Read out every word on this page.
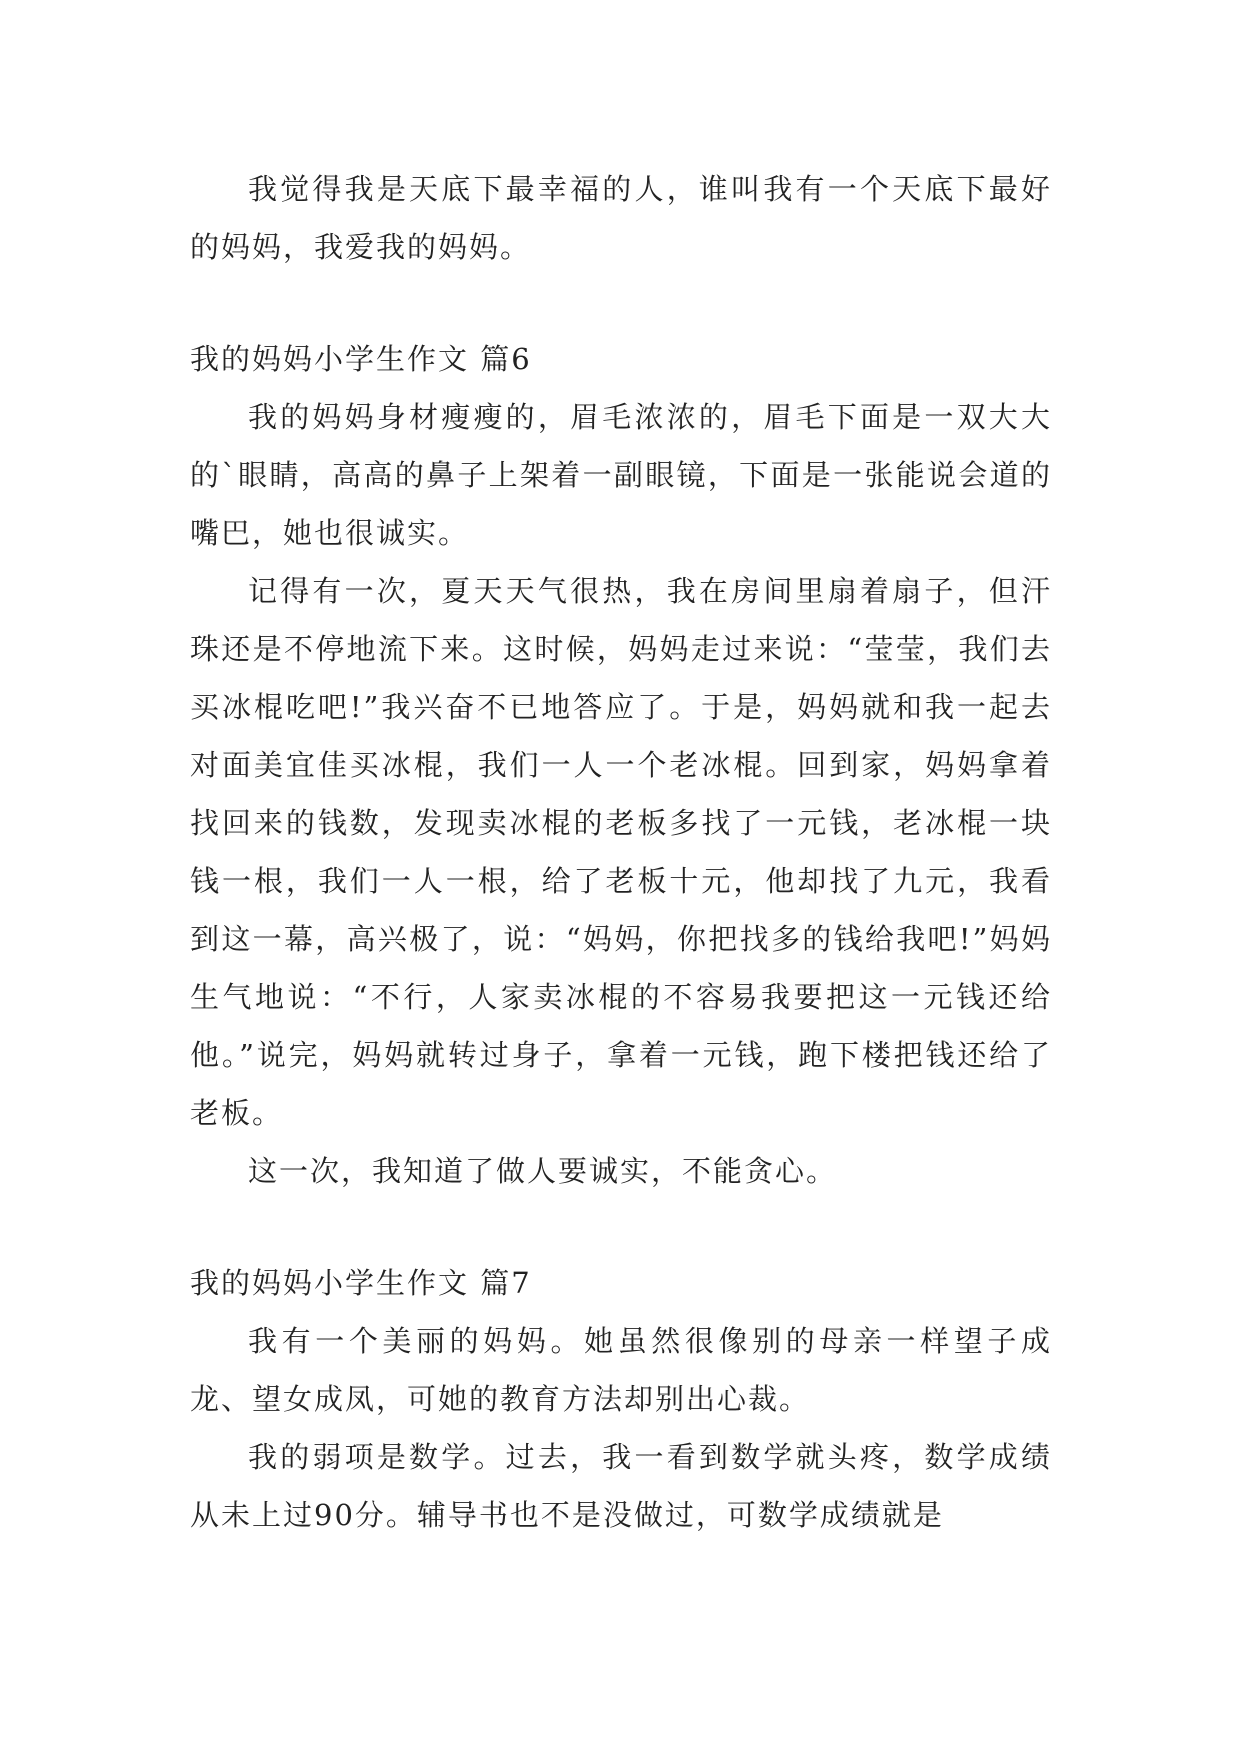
我觉得我是天底下最幸福的人，谁叫我有一个天底下最好的妈妈，我爱我的妈妈。

我的妈妈小学生作文 篇6

我的妈妈身材瘦瘦的，眉毛浓浓的，眉毛下面是一双大大的`眼睛，高高的鼻子上架着一副眼镜，下面是一张能说会道的嘴巴，她也很诚实。

记得有一次，夏天天气很热，我在房间里扇着扇子，但汗珠还是不停地流下来。这时候，妈妈走过来说：“莹莹，我们去买冰棍吃吧!”我兴奋不已地答应了。于是，妈妈就和我一起去对面美宜佳买冰棍，我们一人一个老冰棍。回到家，妈妈拿着找回来的钱数，发现卖冰棍的老板多找了一元钱，老冰棍一块钱一根，我们一人一根，给了老板十元，他却找了九元，我看到这一幕，高兴极了，说：“妈妈，你把找多的钱给我吧!”妈妈生气地说：“不行，人家卖冰棍的不容易我要把这一元钱还给他。”说完，妈妈就转过身子，拿着一元钱，跑下楼把钱还给了老板。

这一次，我知道了做人要诚实，不能贪心。

我的妈妈小学生作文 篇7

我有一个美丽的妈妈。她虽然很像别的母亲一样望子成龙、望女成凤，可她的教育方法却别出心裁。

我的弱项是数学。过去，我一看到数学就头疼，数学成绩从未上过90分。辅导书也不是没做过，可数学成绩就是
